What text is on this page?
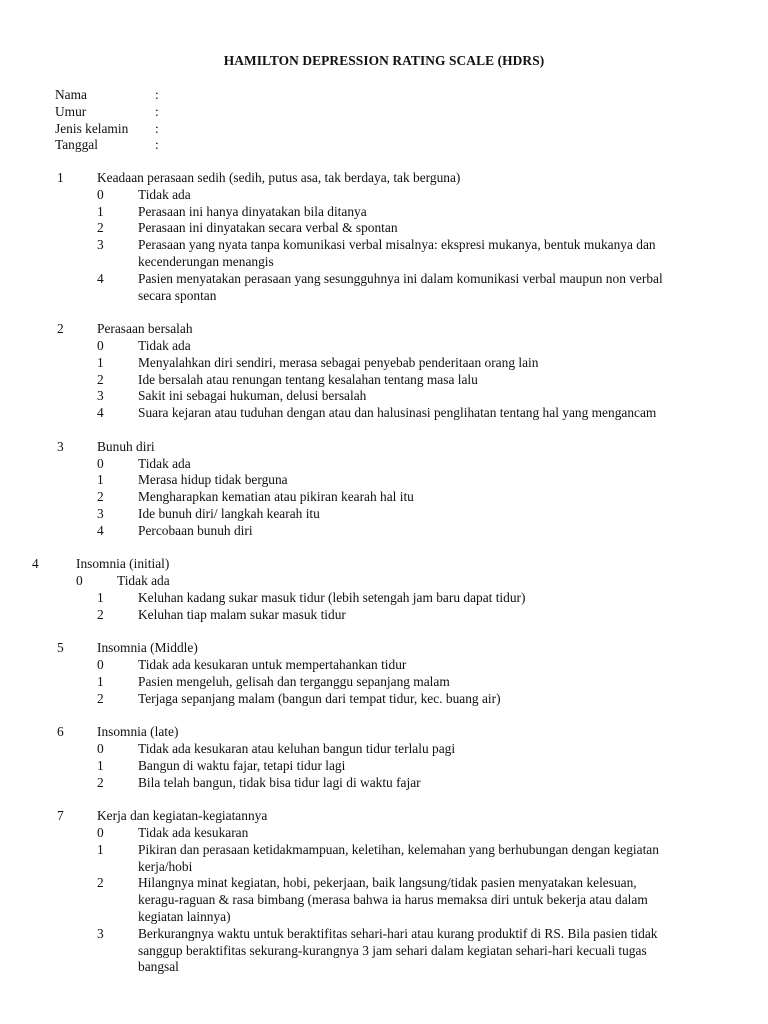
HAMILTON DEPRESSION RATING SCALE (HDRS)
Nama	:
Umur	:
Jenis kelamin	:
Tanggal	:
1	Keadaan perasaan sedih (sedih, putus asa, tak berdaya, tak berguna)
0	Tidak ada
1	Perasaan ini hanya dinyatakan bila ditanya
2	Perasaan ini dinyatakan secara verbal & spontan
3	Perasaan yang nyata tanpa komunikasi verbal misalnya: ekspresi mukanya, bentuk mukanya dan kecenderungan menangis
4	Pasien menyatakan perasaan yang sesungguhnya ini dalam komunikasi verbal maupun non verbal secara spontan
2	Perasaan bersalah
0	Tidak ada
1	Menyalahkan diri sendiri, merasa sebagai penyebab penderitaan orang lain
2	Ide bersalah atau renungan tentang kesalahan tentang masa lalu
3	Sakit ini sebagai hukuman, delusi bersalah
4	Suara kejaran atau tuduhan dengan atau dan halusinasi penglihatan tentang hal yang mengancam
3	Bunuh diri
0	Tidak ada
1	Merasa hidup tidak berguna
2	Mengharapkan kematian atau pikiran kearah hal itu
3	Ide bunuh diri/ langkah kearah itu
4	Percobaan bunuh diri
4	Insomnia (initial)
0	Tidak ada
1	Keluhan kadang sukar masuk tidur (lebih setengah jam baru dapat tidur)
2	Keluhan tiap malam sukar masuk tidur
5	Insomnia (Middle)
0	Tidak ada kesukaran untuk mempertahankan tidur
1	Pasien mengeluh, gelisah dan terganggu sepanjang malam
2	Terjaga sepanjang malam (bangun dari tempat tidur, kec. buang air)
6	Insomnia (late)
0	Tidak ada kesukaran atau keluhan bangun tidur terlalu pagi
1	Bangun di waktu fajar, tetapi tidur lagi
2	Bila telah bangun, tidak bisa tidur lagi di waktu fajar
7	Kerja dan kegiatan-kegiatannya
0	Tidak ada kesukaran
1	Pikiran dan perasaan ketidakmampuan, keletihan, kelemahan yang berhubungan dengan kegiatan kerja/hobi
2	Hilangnya minat kegiatan, hobi, pekerjaan, baik langsung/tidak pasien menyatakan kelesuan, keragu-raguan & rasa bimbang (merasa bahwa ia harus memaksa diri untuk bekerja atau dalam kegiatan lainnya)
3	Berkurangnya waktu untuk beraktifitas sehari-hari atau kurang produktif di RS. Bila pasien tidak sanggup beraktifitas sekurang-kurangnya 3 jam sehari dalam kegiatan sehari-hari kecuali tugas bangsal
